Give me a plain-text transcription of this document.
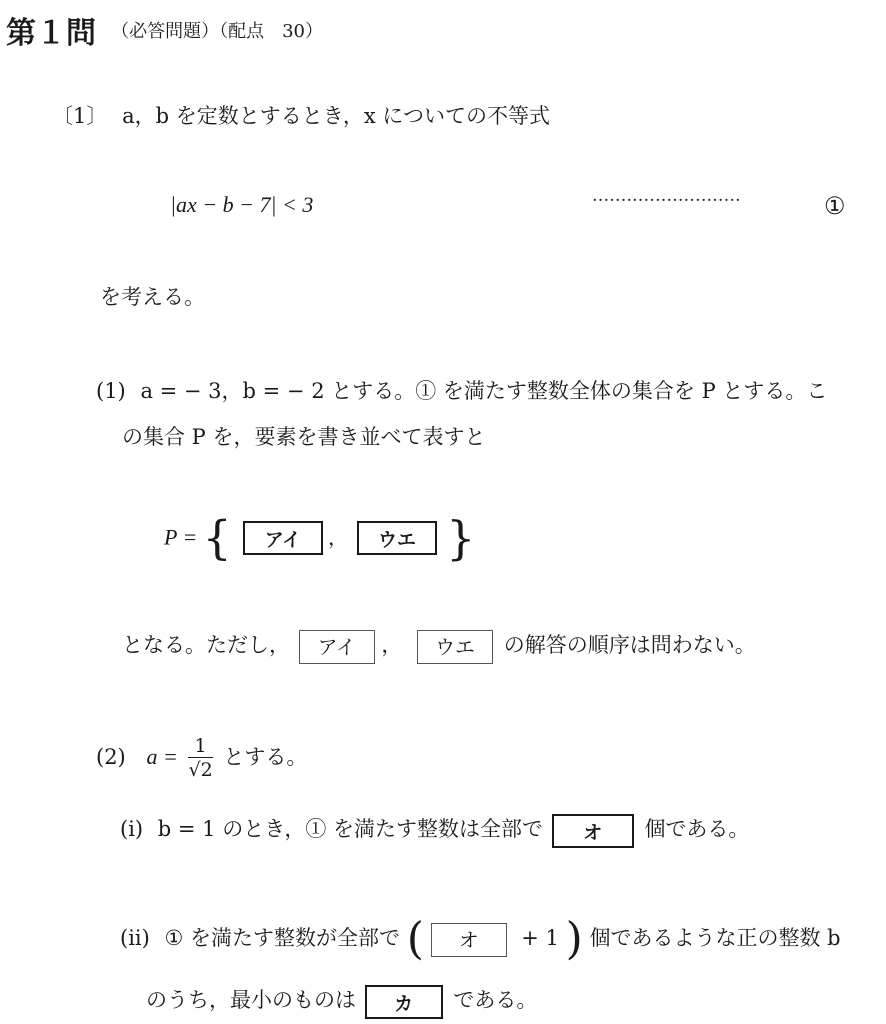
第１問 （必答問題）（配点　30）
〔1〕 a，b を定数とするとき，x についての不等式
|ax − b − 7| < 3	··························	①
を考える。
(1) a = − 3，b = − 2 とする。① を満たす整数全体の集合を P とする。こ
の集合 P を，要素を書き並べて表すと
P = { アイ ， ウエ }
となる。ただし， アイ ， ウエ の解答の順序は問わない。
(2) $a = \frac{1}{√2}$ とする。
(i) b = 1 のとき，① を満たす整数は全部で オ 個である。
(ii) ① を満たす整数が全部で ( オ + 1 ) 個であるような正の整数 b
のうち，最小のものは カ である。
